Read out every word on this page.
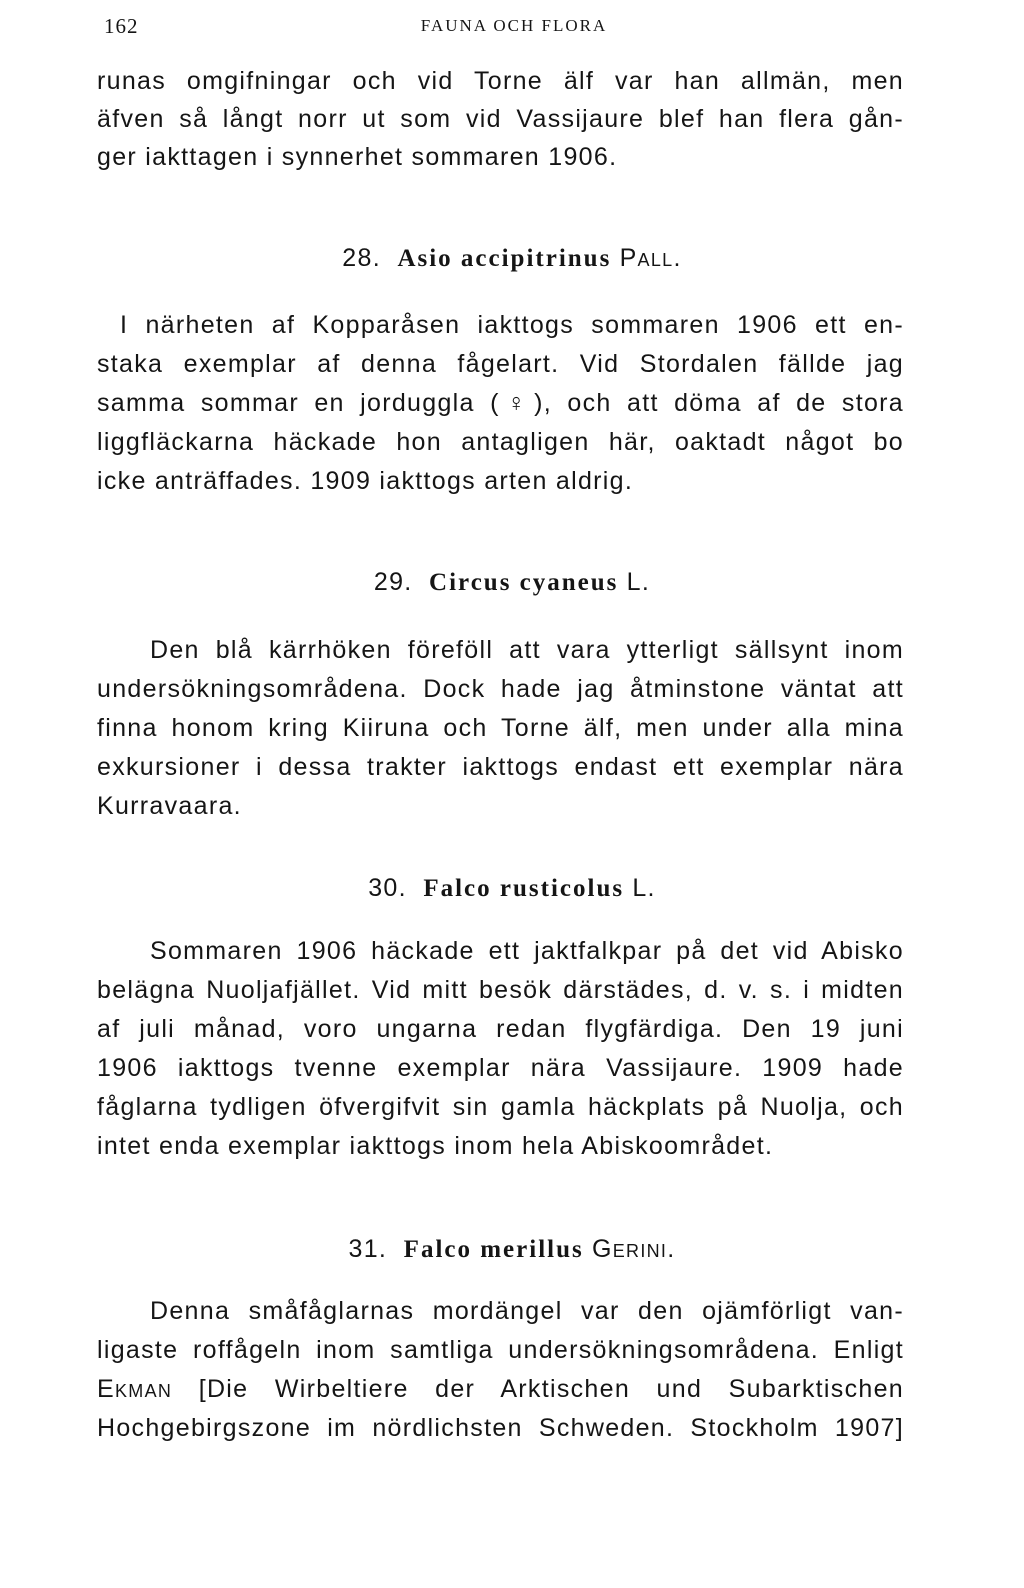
162	FAUNA OCH FLORA
runas omgifningar och vid Torne älf var han allmän, men
äfven så långt norr ut som vid Vassijaure blef han flera gån-
ger iakttagen i synnerhet sommaren 1906.
28. Asio accipitrinus Pall.
I närheten af Kopparåsen iakttogs sommaren 1906 ett en-
staka exemplar af denna fågelart. Vid Stordalen fällde jag
samma sommar en jorduggla (♀), och att döma af de stora
liggfläckarna häckade hon antagligen här, oaktadt något bo
icke anträffades. 1909 iakttogs arten aldrig.
29. Circus cyaneus L.
Den blå kärrhöken föreföll att vara ytterligt sällsynt inom
undersökningsområdena. Dock hade jag åtminstone väntat att
finna honom kring Kiiruna och Torne älf, men under alla mina
exkursioner i dessa trakter iakttogs endast ett exemplar nära
Kurravaara.
30. Falco rusticolus L.
Sommaren 1906 häckade ett jaktfalkpar på det vid Abisko
belägna Nuoljafjället. Vid mitt besök därstädes, d. v. s. i midten
af juli månad, voro ungarna redan flygfärdiga. Den 19 juni
1906 iakttogs tvenne exemplar nära Vassijaure. 1909 hade
fåglarna tydligen öfvergifvit sin gamla häckplats på Nuolja, och
intet enda exemplar iakttogs inom hela Abiskoområdet.
31. Falco merillus Gerini.
Denna småfåglarnas mordängel var den ojämförligt van-
ligaste roffågeln inom samtliga undersökningsområdena. Enligt
Ekman [Die Wirbeltiere der Arktischen und Subarktischen
Hochgebirgszone im nördlichsten Schweden. Stockholm 1907]
